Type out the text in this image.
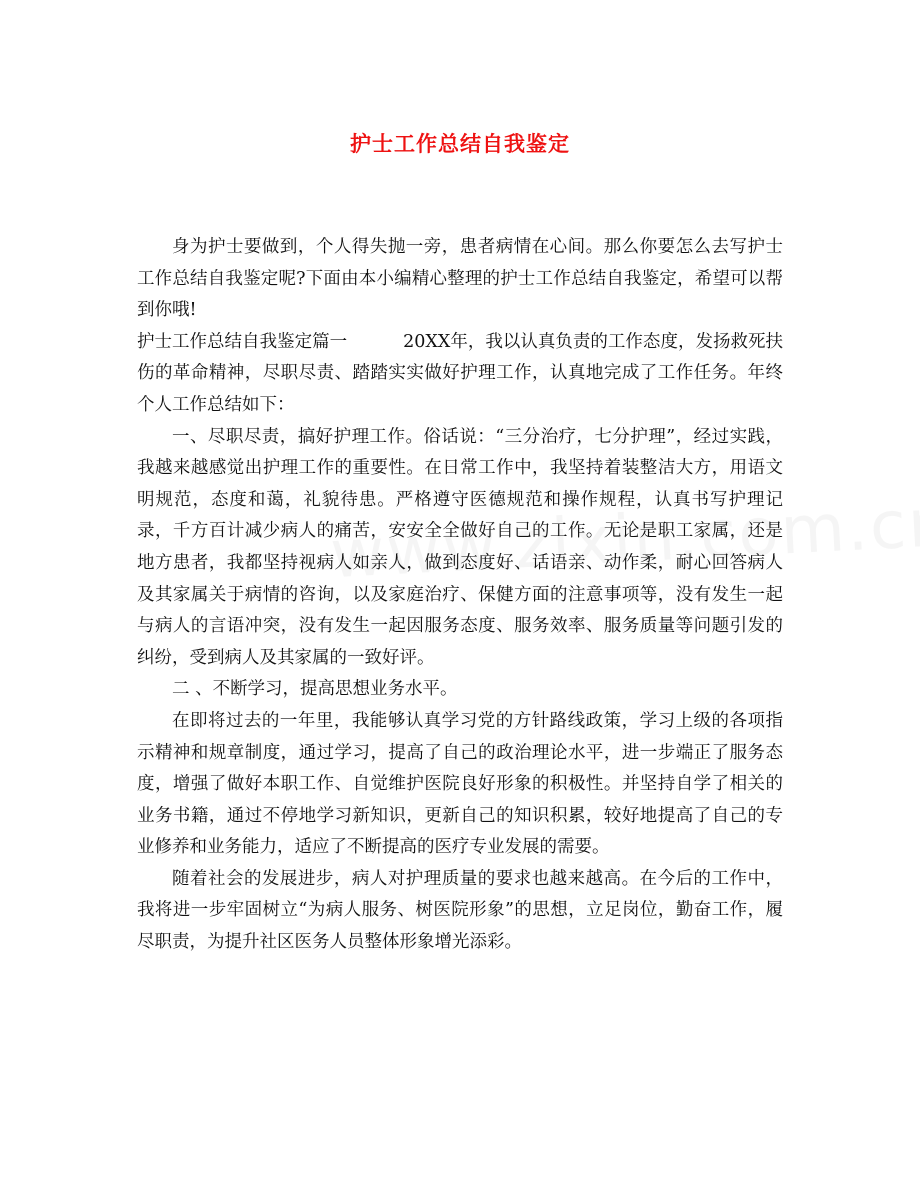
护士工作总结自我鉴定

身为护士要做到，个人得失抛一旁，患者病情在心间。那么你要怎么去写护士工作总结自我鉴定呢?下面由本小编精心整理的护士工作总结自我鉴定，希望可以帮到你哦!

护士工作总结自我鉴定篇一	20XX年，我以认真负责的工作态度，发扬救死扶伤的革命精神，尽职尽责、踏踏实实做好护理工作，认真地完成了工作任务。年终个人工作总结如下：

一、尽职尽责，搞好护理工作。俗话说：“三分治疗，七分护理”，经过实践，我越来越感觉出护理工作的重要性。在日常工作中，我坚持着装整洁大方，用语文明规范，态度和蔼，礼貌待患。严格遵守医德规范和操作规程，认真书写护理记录，千方百计减少病人的痛苦，安安全全做好自己的工作。无论是职工家属，还是地方患者，我都坚持视病人如亲人，做到态度好、话语亲、动作柔，耐心回答病人及其家属关于病情的咨询，以及家庭治疗、保健方面的注意事项等，没有发生一起与病人的言语冲突，没有发生一起因服务态度、服务效率、服务质量等问题引发的纠纷，受到病人及其家属的一致好评。

二 、不断学习，提高思想业务水平。

在即将过去的一年里，我能够认真学习党的方针路线政策，学习上级的各项指示精神和规章制度，通过学习，提高了自己的政治理论水平，进一步端正了服务态度，增强了做好本职工作、自觉维护医院良好形象的积极性。并坚持自学了相关的业务书籍，通过不停地学习新知识，更新自己的知识积累，较好地提高了自己的专业修养和业务能力，适应了不断提高的医疗专业发展的需要。

随着社会的发展进步，病人对护理质量的要求也越来越高。在今后的工作中，我将进一步牢固树立“为病人服务、树医院形象”的思想，立足岗位，勤奋工作，履尽职责，为提升社区医务人员整体形象增光添彩。
